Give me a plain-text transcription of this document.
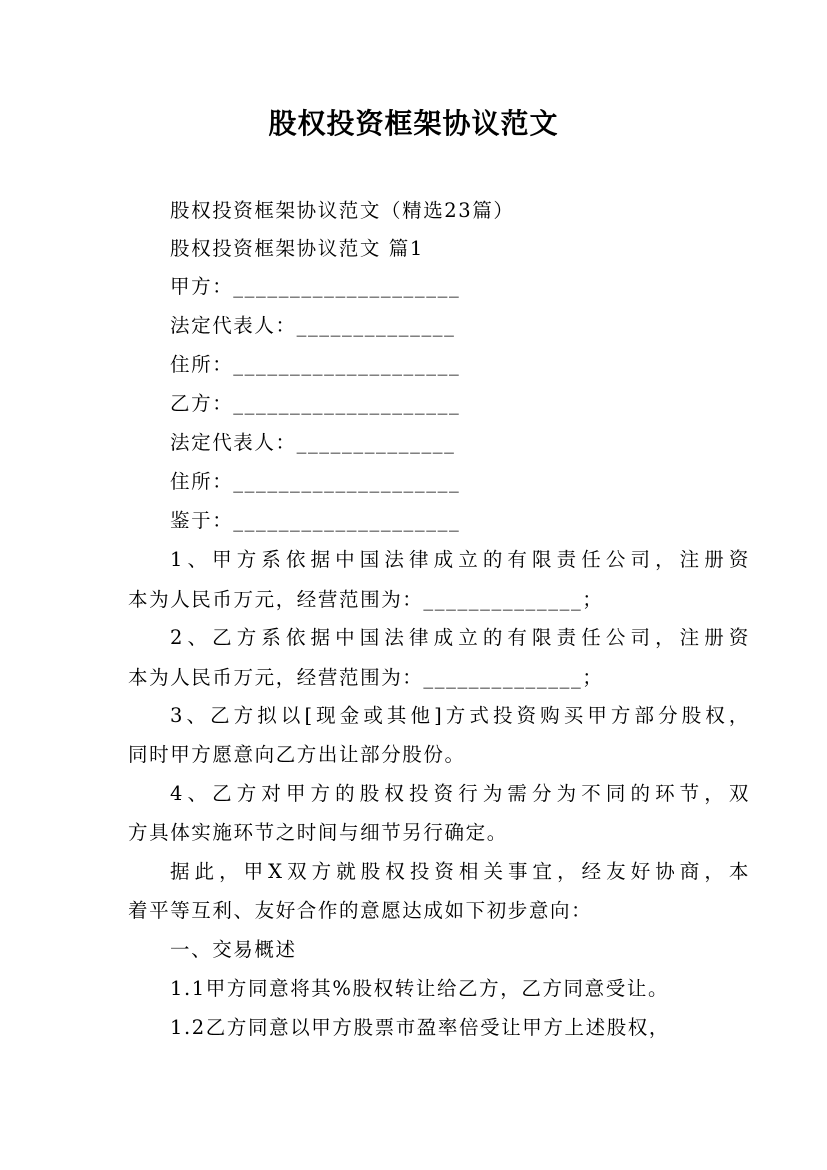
股权投资框架协议范文

股权投资框架协议范文（精选23篇）

股权投资框架协议范文 篇1

甲方：____________________

法定代表人：______________

住所：____________________

乙方：____________________

法定代表人：______________

住所：____________________

鉴于：____________________

1、甲方系依据中国法律成立的有限责任公司，注册资

本为人民币万元，经营范围为：______________；

2、乙方系依据中国法律成立的有限责任公司，注册资

本为人民币万元，经营范围为：______________；

3、乙方拟以[现金或其他]方式投资购买甲方部分股权，

同时甲方愿意向乙方出让部分股份。

4、乙方对甲方的股权投资行为需分为不同的环节，双

方具体实施环节之时间与细节另行确定。

据此，甲X双方就股权投资相关事宜，经友好协商，本

着平等互利、友好合作的意愿达成如下初步意向：

一、交易概述

1.1甲方同意将其%股权转让给乙方，乙方同意受让。

1.2乙方同意以甲方股票市盈率倍受让甲方上述股权，
